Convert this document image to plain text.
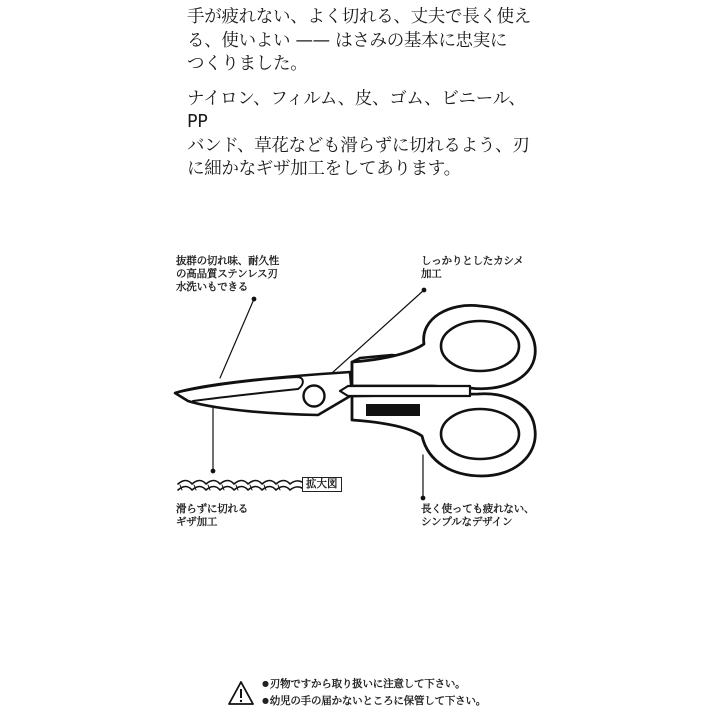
手が疲れない、よく切れる、丈夫で長く使え
る、使いよい —— はさみの基本に忠実に
つくりました。

ナイロン、フィルム、皮、ゴム、ビニール、PP
バンド、草花なども滑らずに切れるよう、刃
に細かなギザ加工をしてあります。

抜群の切れ味、耐久性
の高品質ステンレス刃
水洗いもできる
しっかりとしたカシメ
加工
拡大図
滑らずに切れる
ギザ加工
長く使っても疲れない、
シンプルなデザイン
● 刃物ですから取り扱いに注意して下さい。
● 幼児の手の届かないところに保管して下さい。
